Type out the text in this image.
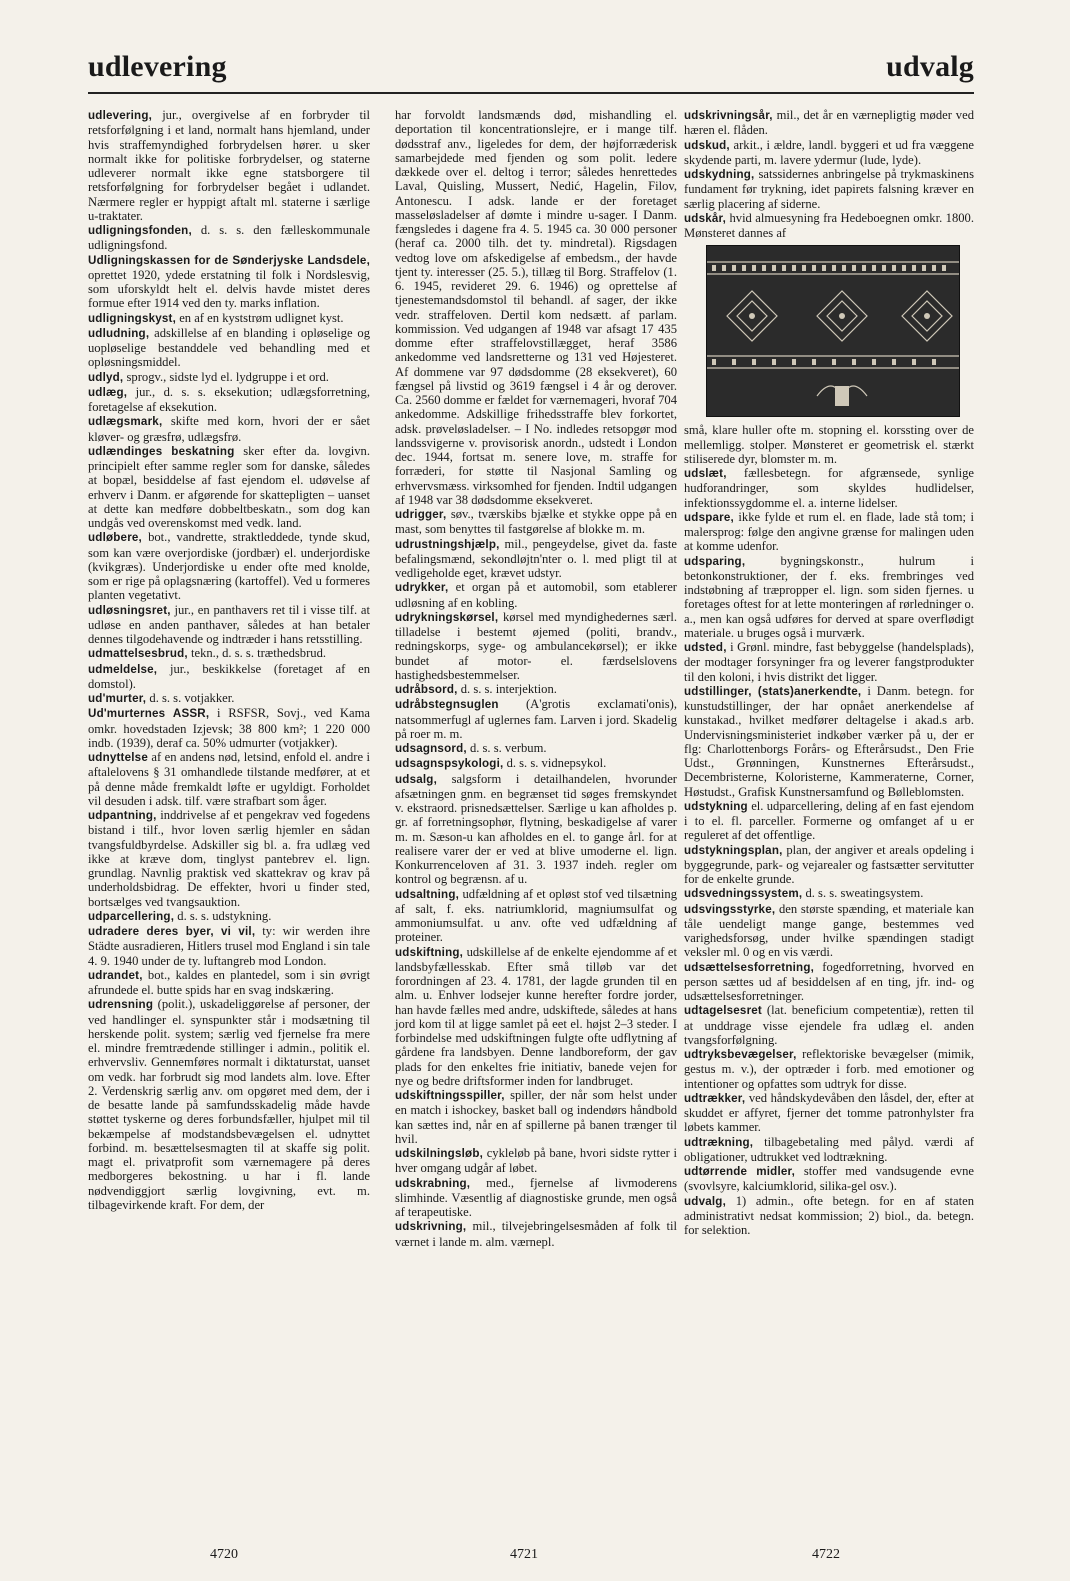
udlevering	udvalg

udlevering, jur., overgivelse af en forbryder til retsforfølgning i et land, normalt hans hjemland, under hvis straffemyndighed forbrydelsen hører. u sker normalt ikke for politiske forbrydelser, og staterne udleverer normalt ikke egne statsborgere til retsforfølgning for forbrydelser begået i udlandet. Nærmere regler er hyppigt aftalt ml. staterne i særlige u-traktater.

udligningsfonden, d. s. s. den fælleskommunale udligningsfond.

Udligningskassen for de Sønderjyske Landsdele, oprettet 1920, ydede erstatning til folk i Nordslesvig, som uforskyldt helt el. delvis havde mistet deres formue efter 1914 ved den ty. marks inflation.

udligningskyst, en af en kyststrøm udlignet kyst.

udludning, adskillelse af en blanding i opløselige og uopløselige bestanddele ved behandling med et opløsningsmiddel.

udlyd, sprogv., sidste lyd el. lydgruppe i et ord.

udlæg, jur., d. s. s. eksekution; udlægsforretning, foretagelse af eksekution.

udlægsmark, skifte med korn, hvori der er sået kløver- og græsfrø, udlægsfrø.

udlændinges beskatning sker efter da. lovgivn. principielt efter samme regler som for danske, således at bopæl, besiddelse af fast ejendom el. udøvelse af erhverv i Danm. er afgørende for skattepligten – uanset at dette kan medføre dobbeltbeskatn., som dog kan undgås ved overenskomst med vedk. land.

udløbere, bot., vandrette, straktleddede, tynde skud, som kan være overjordiske (jordbær) el. underjordiske (kvikgræs). Underjordiske u ender ofte med knolde, som er rige på oplagsnæring (kartoffel). Ved u formeres planten vegetativt.

udløsningsret, jur., en panthavers ret til i visse tilf. at udløse en anden panthaver, således at han betaler dennes tilgodehavende og indtræder i hans retsstilling.

udmattelsesbrud, tekn., d. s. s. træthedsbrud.

udmeldelse, jur., beskikkelse (foretaget af en domstol).

ud'murter, d. s. s. votjakker.

Ud'murternes ASSR, i RSFSR, Sovj., ved Kama omkr. hovedstaden Izjevsk; 38 800 km²; 1 220 000 indb. (1939), deraf ca. 50% udmurter (votjakker).

udnyttelse af en andens nød, letsind, enfold el. andre i aftalelovens § 31 omhandlede tilstande medfører, at et på denne måde fremkaldt løfte er ugyldigt. Forholdet vil desuden i adsk. tilf. være strafbart som åger.

udpantning, inddrivelse af et pengekrav ved fogedens bistand i tilf., hvor loven særlig hjemler en sådan tvangsfuldbyrdelse. Adskiller sig bl. a. fra udlæg ved ikke at kræve dom, tinglyst pantebrev el. lign. grundlag. Navnlig praktisk ved skattekrav og krav på underholdsbidrag. De effekter, hvori u finder sted, bortsælges ved tvangsauktion.

udparcellering, d. s. s. udstykning.

udradere deres byer, vi vil, ty: wir werden ihre Städte ausradieren, Hitlers trusel mod England i sin tale 4. 9. 1940 under de ty. luftangreb mod London.

udrandet, bot., kaldes en plantedel, som i sin øvrigt afrundede el. butte spids har en svag indskæring.

udrensning (polit.), uskadeliggørelse af personer, der ved handlinger el. synspunkter står i modsætning til herskende polit. system; særlig ved fjernelse fra mere el. mindre fremtrædende stillinger i admin., politik el. erhvervsliv. Gennemføres normalt i diktaturstat, uanset om vedk. har forbrudt sig mod landets alm. love. Efter 2. Verdenskrig særlig anv. om opgøret med dem, der i de besatte lande på samfundsskadelig måde havde støttet tyskerne og deres forbundsfæller, hjulpet mil til bekæmpelse af modstandsbevægelsen el. udnyttet forbind. m. besættelsesmagten til at skaffe sig polit. magt el. privatprofit som værnemagere på deres medborgeres bekostning. u har i fl. lande nødvendiggjort særlig lovgivning, evt. m. tilbagevirkende kraft. For dem, der

har forvoldt landsmænds død, mishandling el. deportation til koncentrationslejre, er i mange tilf. dødsstraf anv., ligeledes for dem, der højforræderisk samarbejdede med fjenden og som polit. ledere dækkede over el. deltog i terror; således henrettedes Laval, Quisling, Mussert, Nedić, Hagelin, Filov, Antonescu. I adsk. lande er der foretaget masseløsladelser af dømte i mindre u-sager. I Danm. fængsledes i dagene fra 4. 5. 1945 ca. 30 000 personer (heraf ca. 2000 tilh. det ty. mindretal). Rigsdagen vedtog love om afskedigelse af embedsm., der havde tjent ty. interesser (25. 5.), tillæg til Borg. Straffelov (1. 6. 1945, revideret 29. 6. 1946) og oprettelse af tjenestemandsdomstol til behandl. af sager, der ikke vedr. straffeloven. Dertil kom nedsætt. af parlam. kommission. Ved udgangen af 1948 var afsagt 17 435 domme efter straffelovstillægget, heraf 3586 ankedomme ved landsretterne og 131 ved Højesteret. Af dommene var 97 dødsdomme (28 eksekveret), 60 fængsel på livstid og 3619 fængsel i 4 år og derover. Ca. 2560 domme er fældet for værnemageri, hvoraf 704 ankedomme. Adskillige frihedsstraffe blev forkortet, adsk. prøveløsladelser. – I No. indledes retsopgør mod landssvigerne v. provisorisk anordn., udstedt i London dec. 1944, fortsat m. senere love, m. straffe for forræderi, for støtte til Nasjonal Samling og erhvervsmæss. virksomhed for fjenden. Indtil udgangen af 1948 var 38 dødsdomme eksekveret.

udrigger, søv., tværskibs bjælke et stykke oppe på en mast, som benyttes til fastgørelse af blokke m. m.

udrustningshjælp, mil., pengeydelse, givet da. faste befalingsmænd, sekondløjtn'nter o. l. med pligt til at vedligeholde eget, krævet udstyr.

udrykker, et organ på et automobil, som etablerer udløsning af en kobling.

udrykningskørsel, kørsel med myndighedernes særl. tilladelse i bestemt øjemed (politi, brandv., redningskorps, syge- og ambulancekørsel); er ikke bundet af motor- el. færdselslovens hastighedsbestemmelser.

udråbsord, d. s. s. interjektion.

udråbstegnsuglen (A'grotis exclamati'onis), natsommerfugl af uglernes fam. Larven i jord. Skadelig på roer m. m.

udsagnsord, d. s. s. verbum.

udsagnspsykologi, d. s. s. vidnepsykol.

udsalg, salgsform i detailhandelen, hvorunder afsætningen gnm. en begrænset tid søges fremskyndet v. ekstraord. prisnedsættelser. Særlige u kan afholdes p. gr. af forretningsophør, flytning, beskadigelse af varer m. m. Sæson-u kan afholdes en el. to gange årl. for at realisere varer der er ved at blive umoderne el. lign. Konkurrenceloven af 31. 3. 1937 indeh. regler om kontrol og begrænsn. af u.

udsaltning, udfældning af et opløst stof ved tilsætning af salt, f. eks. natriumklorid, magniumsulfat og ammoniumsulfat. u anv. ofte ved udfældning af proteiner.

udskiftning, udskillelse af de enkelte ejendomme af et landsbyfællesskab. Efter små tilløb var det forordningen af 23. 4. 1781, der lagde grunden til en alm. u. Enhver lodsejer kunne herefter fordre jorder, han havde fælles med andre, udskiftede, således at hans jord kom til at ligge samlet på eet el. højst 2–3 steder. I forbindelse med udskiftningen fulgte ofte udflytning af gårdene fra landsbyen. Denne landboreform, der gav plads for den enkeltes frie initiativ, banede vejen for nye og bedre driftsformer inden for landbruget.

udskiftningsspiller, spiller, der når som helst under en match i ishockey, basket ball og indendørs håndbold kan sættes ind, når en af spillerne på banen trænger til hvil.

udskilningsløb, cykleløb på bane, hvori sidste rytter i hver omgang udgår af løbet.

udskrabning, med., fjernelse af livmoderens slimhinde. Væsentlig af diagnostiske grunde, men også af terapeutiske.

udskrivning, mil., tilvejebringelsesmåden af folk til værnet i lande m. alm. værnepl.

udskrivningsår, mil., det år en værnepligtig møder ved hæren el. flåden.

udskud, arkit., i ældre, landl. byggeri et ud fra væggene skydende parti, m. lavere ydermur (lude, lyde).

udskydning, satssidernes anbringelse på trykmaskinens fundament før trykning, idet papirets falsning kræver en særlig placering af siderne.

udskår, hvid almuesyning fra Hedeboegnen omkr. 1800. Mønsteret dannes af

små, klare huller ofte m. stopning el. korssting over de mellemligg. stolper. Mønsteret er geometrisk el. stærkt stiliserede dyr, blomster m. m.

udslæt, fællesbetegn. for afgrænsede, synlige hudforandringer, som skyldes hudlidelser, infektionssygdomme el. a. interne lidelser.

udspare, ikke fylde et rum el. en flade, lade stå tom; i malersprog: følge den angivne grænse for malingen uden at komme udenfor.

udsparing,	bygningskonstr., hulrum i betonkonstruktioner, der f. eks. frembringes ved indstøbning af træpropper el. lign. som siden fjernes. u foretages oftest for at lette monteringen af rørledninger o. a., men kan også udføres for derved at spare overflødigt materiale. u bruges også i murværk.

udsted, i Grønl. mindre, fast bebyggelse (handelsplads), der modtager forsyninger fra og leverer fangstprodukter til den koloni, i hvis distrikt det ligger.

udstillinger, (stats)anerkendte, i Danm. betegn. for kunstudstillinger, der har opnået anerkendelse af kunstakad., hvilket medfører deltagelse i akad.s arb. Undervisningsministeriet indkøber værker på u, der er flg: Charlottenborgs Forårs- og Efterårsudst., Den Frie Udst., Grønningen, Kunstnernes Efterårsudst., Decembristerne, Koloristerne, Kammeraterne, Corner, Høstudst., Grafisk Kunstnersamfund og Bølleblomsten.

udstykning el. udparcellering, deling af en fast ejendom i to el. fl. parceller. Formerne og omfanget af u er reguleret af det offentlige.

udstykningsplan, plan, der angiver et areals opdeling i byggegrunde, park- og vejarealer og fastsætter servitutter for de enkelte grunde.

udsvedningssystem, d. s. s. sweatingsystem.

udsvingsstyrke, den største spænding, et materiale kan tåle uendeligt mange gange, bestemmes ved varighedsforsøg, under hvilke spændingen stadigt veksler ml. 0 og en vis værdi.

udsættelsesforretning, fogedforretning, hvorved en person sættes ud af besiddelsen af en ting, jfr. ind- og udsættelsesforretninger.

udtagelsesret (lat. beneficium competentiæ), retten til at unddrage visse ejendele fra udlæg el. anden tvangsforfølgning.

udtryksbevægelser, reflektoriske bevægelser (mimik, gestus m. v.), der optræder i forb. med emotioner og intentioner og opfattes som udtryk for disse.

udtrækker, ved håndskydevåben den låsdel, der, efter at skuddet er affyret, fjerner det tomme patronhylster fra løbets kammer.

udtrækning, tilbagebetaling med pålyd. værdi af obligationer, udtrukket ved lodtrækning.

udtørrende midler, stoffer med vandsugende evne (svovlsyre, kalciumklorid, silika-gel osv.).

udvalg, 1) admin., ofte betegn. for en af staten administrativt nedsat kommission; 2) biol., da. betegn. for selektion.

4720	4721	4722
